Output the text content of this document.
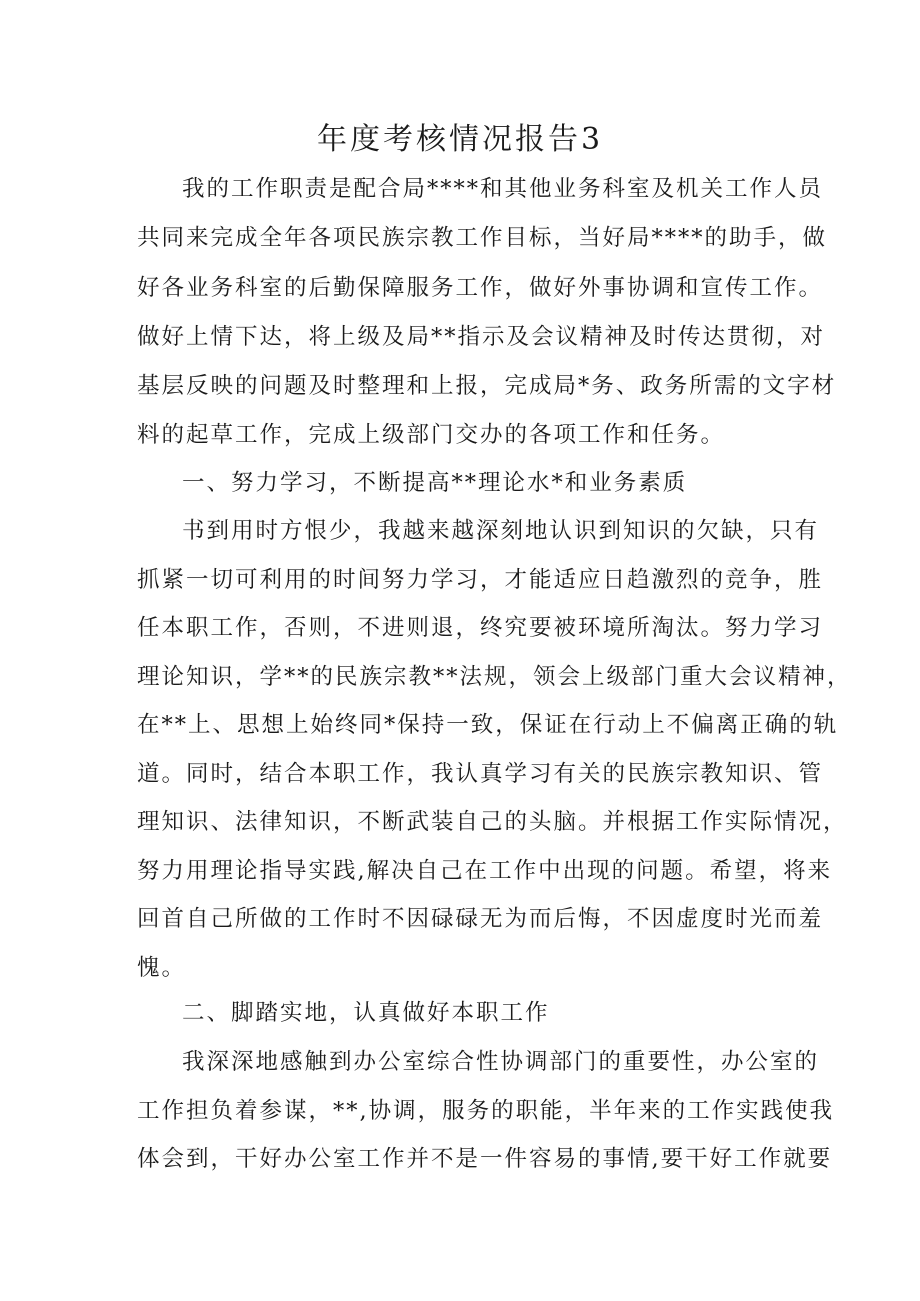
年度考核情况报告3

我的工作职责是配合局****和其他业务科室及机关工作人员

共同来完成全年各项民族宗教工作目标，当好局****的助手，做

好各业务科室的后勤保障服务工作，做好外事协调和宣传工作。

做好上情下达，将上级及局**指示及会议精神及时传达贯彻，对

基层反映的问题及时整理和上报，完成局*务、政务所需的文字材

料的起草工作，完成上级部门交办的各项工作和任务。

一、努力学习，不断提高**理论水*和业务素质

书到用时方恨少，我越来越深刻地认识到知识的欠缺，只有

抓紧一切可利用的时间努力学习，才能适应日趋激烈的竞争，胜

任本职工作，否则，不进则退，终究要被环境所淘汰。努力学习

理论知识，学**的民族宗教**法规，领会上级部门重大会议精神，

在**上、思想上始终同*保持一致，保证在行动上不偏离正确的轨

道。同时，结合本职工作，我认真学习有关的民族宗教知识、管

理知识、法律知识，不断武装自己的头脑。并根据工作实际情况，

努力用理论指导实践,解决自己在工作中出现的问题。希望，将来

回首自己所做的工作时不因碌碌无为而后悔，不因虚度时光而羞

愧。

二、脚踏实地，认真做好本职工作

我深深地感触到办公室综合性协调部门的重要性，办公室的

工作担负着参谋，**,协调，服务的职能，半年来的工作实践使我

体会到，干好办公室工作并不是一件容易的事情,要干好工作就要
